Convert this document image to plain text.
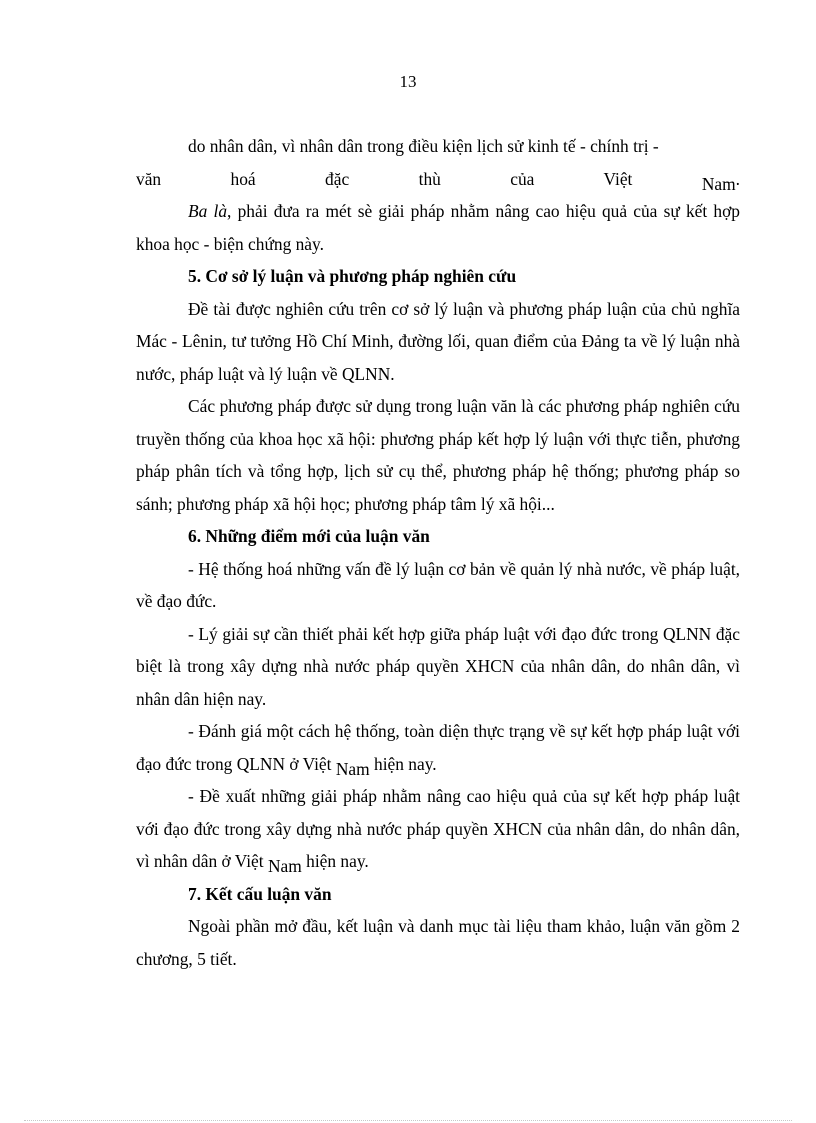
13

do nhân dân, vì nhân dân trong điều kiện lịch sử kinh tế - chính trị -

văn hoá đặc thù của Việt	Nam.

Ba là, phải đưa ra mét sè giải pháp nhằm nâng cao hiệu quả của sự kết hợp khoa học - biện chứng này.

5. Cơ sở lý luận và phương pháp nghiên cứu

Đề tài được nghiên cứu trên cơ sở lý luận và phương pháp luận của chủ nghĩa Mác - Lênin, tư tưởng Hồ Chí Minh, đường lối, quan điểm của Đảng ta về lý luận nhà nước, pháp luật và lý luận về QLNN.

Các phương pháp được sử dụng trong luận văn là các phương pháp nghiên cứu truyền thống của khoa học xã hội: phương pháp kết hợp lý luận với thực tiễn, phương pháp phân tích và tổng hợp, lịch sử cụ thể, phương pháp hệ thống; phương pháp so sánh; phương pháp xã hội học; phương pháp tâm lý xã hội...

6. Những điểm mới của luận văn

- Hệ thống hoá những vấn đề lý luận cơ bản về quản lý nhà nước, về pháp luật, về đạo đức.

- Lý giải sự cần thiết phải kết hợp giữa pháp luật với đạo đức trong QLNN đặc biệt là trong xây dựng nhà nước pháp quyền XHCN của nhân dân, do nhân dân, vì nhân dân hiện nay.

- Đánh giá một cách hệ thống, toàn diện thực trạng về sự kết hợp pháp luật với đạo đức trong QLNN ở Việt Nam hiện nay.

- Đề xuất những giải pháp nhằm nâng cao hiệu quả của sự kết hợp pháp luật với đạo đức trong xây dựng nhà nước pháp quyền XHCN của nhân dân, do nhân dân, vì nhân dân ở Việt Nam hiện nay.

7. Kết cấu luận văn

Ngoài phần mở đầu, kết luận và danh mục tài liệu tham khảo, luận văn gồm 2 chương, 5 tiết.
